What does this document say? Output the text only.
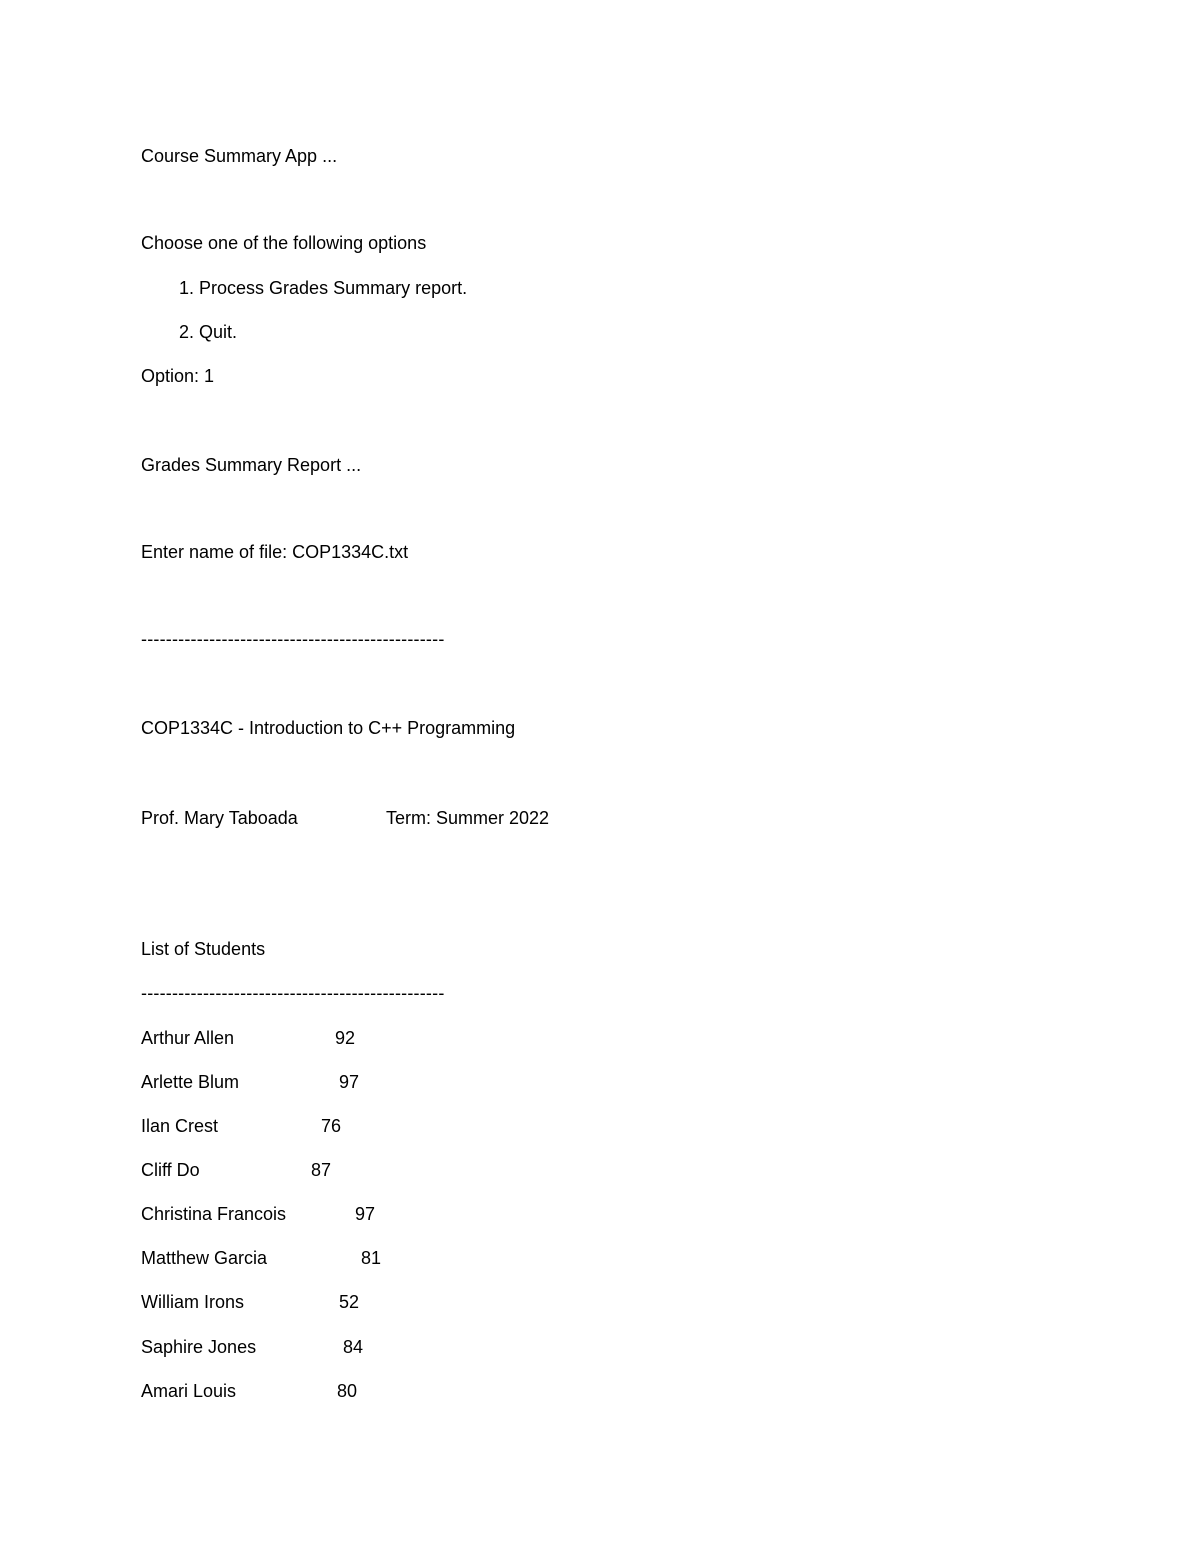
Course Summary App ...
Choose one of the following options
1. Process Grades Summary report.
2. Quit.
Option: 1
Grades Summary Report ...
Enter name of file: COP1334C.txt
-------------------------------------------------
COP1334C - Introduction to C++ Programming
Prof. Mary Taboada	Term: Summer 2022
List of Students
-------------------------------------------------
Arthur Allen	92
Arlette Blum	97
Ilan Crest	76
Cliff Do	87
Christina Francois	97
Matthew Garcia	81
William Irons	52
Saphire Jones	84
Amari Louis	80
